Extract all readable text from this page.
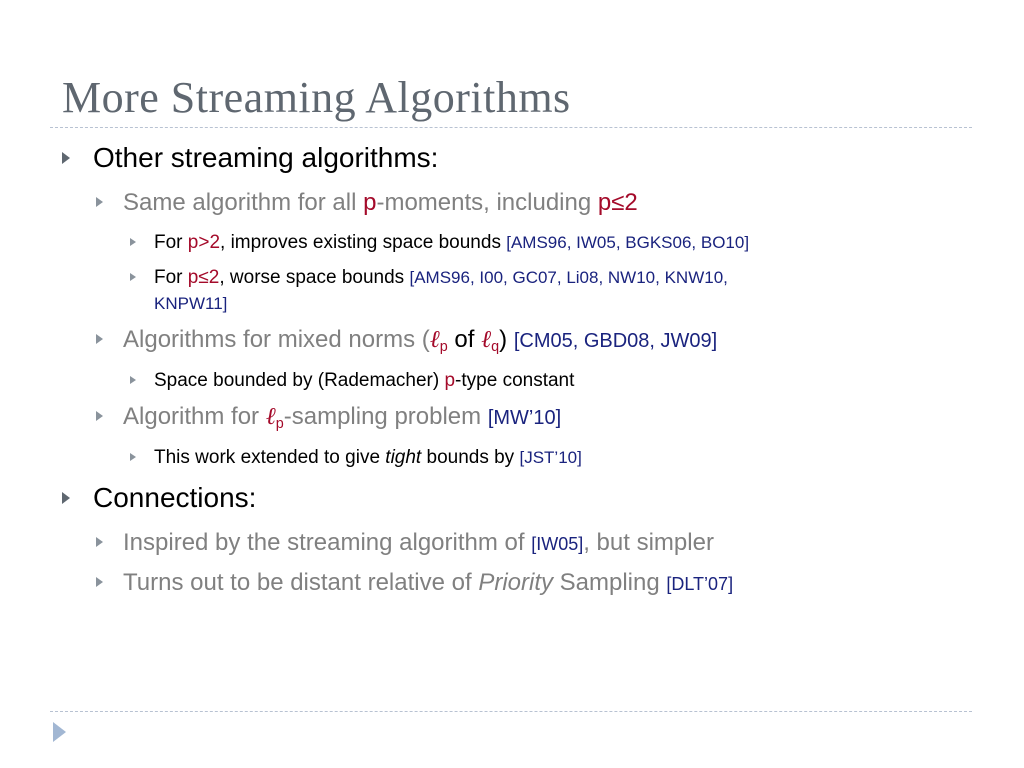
More Streaming Algorithms
Other streaming algorithms:
Same algorithm for all p-moments, including p≤2
For p>2, improves existing space bounds [AMS96, IW05, BGKS06, BO10]
For p≤2, worse space bounds [AMS96, I00, GC07, Li08, NW10, KNW10,
KNPW11]
Algorithms for mixed norms (ℓ$_p$ of ℓ$_q$) [CM05, GBD08, JW09]
Space bounded by (Rademacher) p-type constant
Algorithm for ℓ$_p$-sampling problem [MW’10]
This work extended to give tight bounds by [JST’10]
Connections:
Inspired by the streaming algorithm of [IW05], but simpler
Turns out to be distant relative of Priority Sampling [DLT’07]
